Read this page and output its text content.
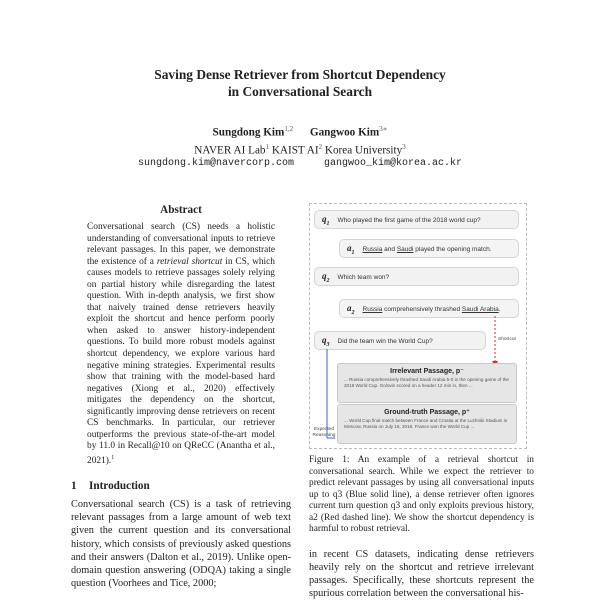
Saving Dense Retriever from Shortcut Dependency
in Conversational Search
Sungdong Kim$^{1,2}$ Gangwoo Kim$^{3∗}$
NAVER AI Lab$^1$ KAIST $AI^2$ Korea University$^3$
sungdong.kim@navercorp.com	gangwoo_kim@korea.ac.kr
Abstract
Conversational search (CS) needs a holistic understanding of conversational inputs to retrieve relevant passages. In this paper, we demonstrate the existence of a retrieval shortcut in CS, which causes models to retrieve passages solely relying on partial history while disregarding the latest question. With in-depth analysis, we first show that naively trained dense retrievers heavily exploit the shortcut and hence perform poorly when asked to answer history-independent questions. To build more robust models against shortcut dependency, we explore various hard negative mining strategies. Experimental results show that training with the model-based hard negatives (Xiong et al., 2020) effectively mitigates the dependency on the shortcut, significantly improving dense retrievers on recent CS benchmarks. In particular, our retriever outperforms the previous state-of-the-art model by 11.0 in Recall@10 on QReCC (Anantha et al., 2021).$^1$
1 Introduction
Conversational search (CS) is a task of retrieving relevant passages from a large amount of web text given the current question and its conversational history, which consists of previously asked questions and their answers (Dalton et al., 2019). Unlike open-domain question answering (ODQA) taking a single question (Voorhees and Tice, 2000;
$q_1$ Who played the first game of the 2018 world cup?
$a_1$ Russia and Saudi played the opening match.
$q_2$ Which team won?
$a_2$ Russia comprehensively thrashed Saudi Arabia.
$q_3$ Did the team win the World Cup?	Shortcut
Expected
Reasoning
Irrelevant Passage, p⁻
... Russia comprehensively thrashed Saudi Arabia 5-0 in the opening game of the 2018 World Cup. Golovin scored on a header 12 min in, then ...
Ground-truth Passage, p⁺
... World Cup final match between France and Croatia at the Luzhniki Stadium in Moscow, Russia on July 15, 2018. France won the World Cup ...
Figure 1: An example of a retrieval shortcut in conversational search. While we expect the retriever to predict relevant passages by using all conversational inputs up to q3 (Blue solid line), a dense retriever often ignores current turn question q3 and only exploits previous history, a2 (Red dashed line). We show the shortcut dependency is harmful to robust retrieval.
in recent CS datasets, indicating dense retrievers heavily rely on the shortcut and retrieve irrelevant passages. Specifically, these shortcuts represent the spurious correlation between the conversational his-
